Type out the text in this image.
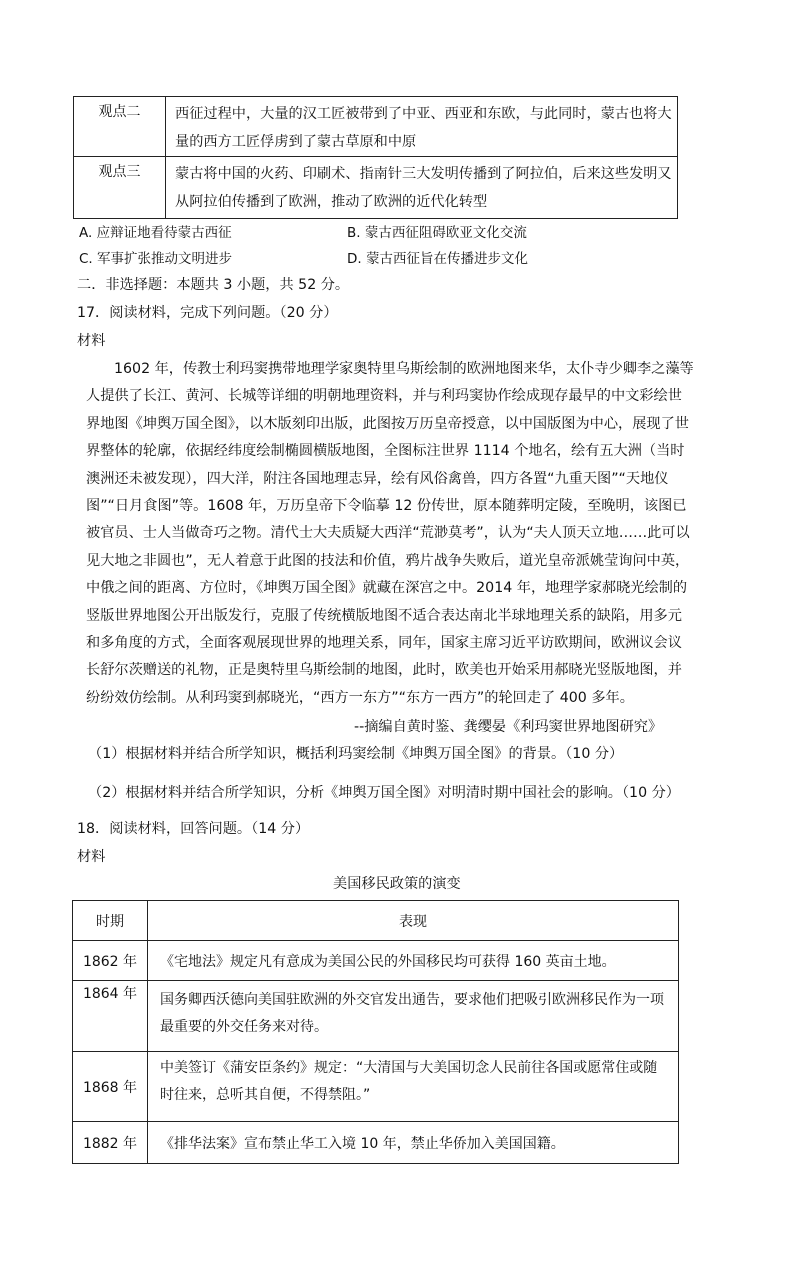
观点二	西征过程中，大量的汉工匠被带到了中亚、西亚和东欧，与此同时，蒙古也将大量的西方工匠俘虏到了蒙古草原和中原
观点三	蒙古将中国的火药、印刷术、指南针三大发明传播到了阿拉伯，后来这些发明又从阿拉伯传播到了欧洲，推动了欧洲的近代化转型
A. 应辩证地看待蒙古西征	B. 蒙古西征阻碍欧亚文化交流
C. 军事扩张推动文明进步	D. 蒙古西征旨在传播进步文化
二．非选择题：本题共 3 小题，共 52 分。
17．阅读材料，完成下列问题。（20 分）
材料
1602 年，传教士利玛窦携带地理学家奥特里乌斯绘制的欧洲地图来华，太仆寺少卿李之藻等人提供了长江、黄河、长城等详细的明朝地理资料，并与利玛窦协作绘成现存最早的中文彩绘世界地图《坤舆万国全图》，以木版刻印出版，此图按万历皇帝授意，以中国版图为中心，展现了世界整体的轮廓，依据经纬度绘制椭圆横版地图，全图标注世界 1114 个地名，绘有五大洲（当时澳洲还未被发现），四大洋，附注各国地理志异，绘有风俗禽兽，四方各置“九重天图”“天地仪图”“日月食图”等。1608 年，万历皇帝下令临摹 12 份传世，原本随葬明定陵，至晚明，该图已被官员、士人当做奇巧之物。清代士大夫质疑大西洋“荒渺莫考”，认为“夫人顶天立地……此可以见大地之非圆也”，无人着意于此图的技法和价值，鸦片战争失败后，道光皇帝派姚莹询问中英，中俄之间的距离、方位时，《坤舆万国全图》就藏在深宫之中。2014 年，地理学家郝晓光绘制的竖版世界地图公开出版发行，克服了传统横版地图不适合表达南北半球地理关系的缺陷，用多元和多角度的方式，全面客观展现世界的地理关系，同年，国家主席习近平访欧期间，欧洲议会议长舒尔茨赠送的礼物，正是奥特里乌斯绘制的地图，此时，欧美也开始采用郝晓光竖版地图，并纷纷效仿绘制。从利玛窦到郝晓光，“西方一东方”“东方一西方”的轮回走了 400 多年。
--摘编自黄时鉴、龚缨晏《利玛窦世界地图研究》
（1）根据材料并结合所学知识，概括利玛窦绘制《坤舆万国全图》的背景。（10 分）
（2）根据材料并结合所学知识，分析《坤舆万国全图》对明清时期中国社会的影响。（10 分）
18．阅读材料，回答问题。（14 分）
材料
美国移民政策的演变
时期	表现
1862 年	《宅地法》规定凡有意成为美国公民的外国移民均可获得 160 英亩土地。
1864 年	国务卿西沃德向美国驻欧洲的外交官发出通告，要求他们把吸引欧洲移民作为一项最重要的外交任务来对待。
1868 年	中美签订《蒲安臣条约》规定：“大清国与大美国切念人民前往各国或愿常住或随时往来，总听其自便，不得禁阻。”
1882 年	《排华法案》宣布禁止华工入境 10 年，禁止华侨加入美国国籍。
